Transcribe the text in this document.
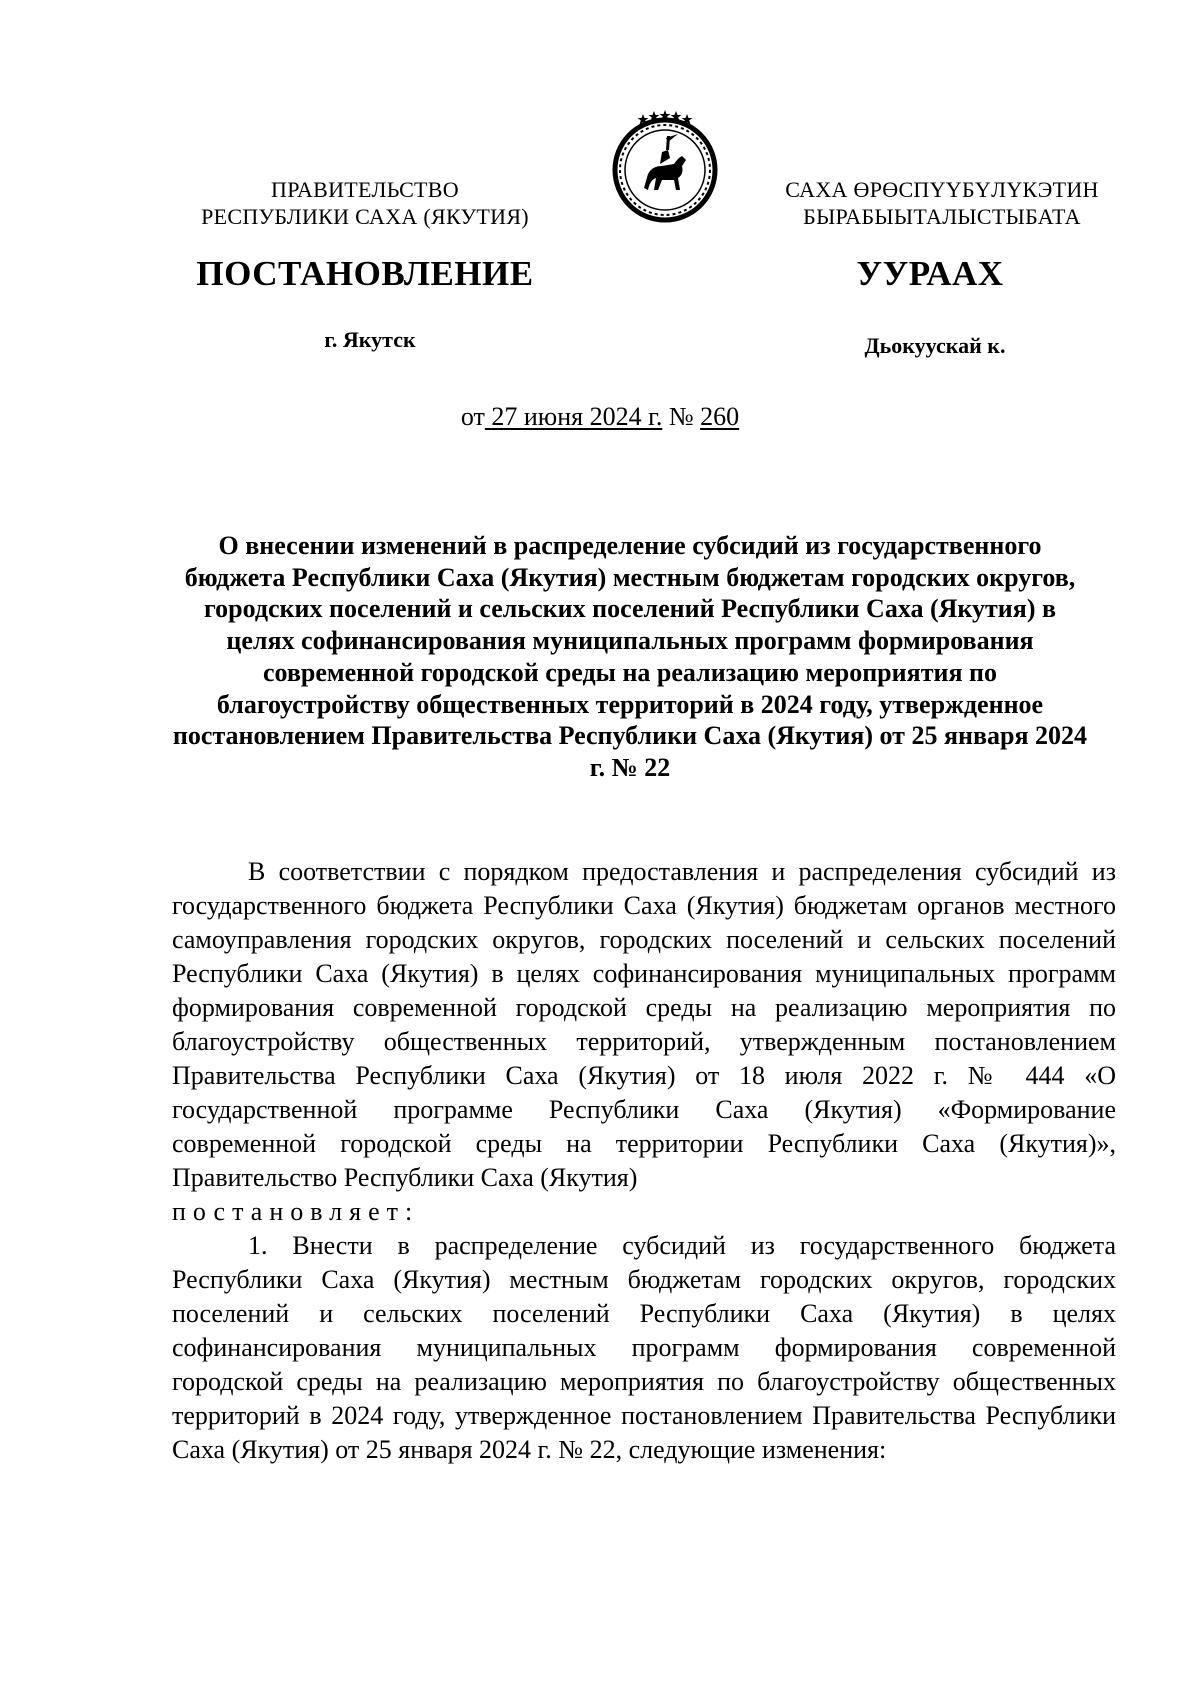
ПРАВИТЕЛЬСТВО
РЕСПУБЛИКИ САХА (ЯКУТИЯ)
САХА ӨРӨСПҮҮБҮЛҮКЭТИН
БЫРАБЫЫТАЛЫСТЫБАТА
ПОСТАНОВЛЕНИЕ	УУРААХ
г. Якутск	Дьокуускай к.
от 27 июня 2024 г. № 260
О внесении изменений в распределение субсидий из государственного бюджета Республики Саха (Якутия) местным бюджетам городских округов, городских поселений и сельских поселений Республики Саха (Якутия) в целях софинансирования муниципальных программ формирования современной городской среды на реализацию мероприятия по благоустройству общественных территорий в 2024 году, утвержденное постановлением Правительства Республики Саха (Якутия) от 25 января 2024 г. № 22

В соответствии с порядком предоставления и распределения субсидий из государственного бюджета Республики Саха (Якутия) бюджетам органов местного самоуправления городских округов, городских поселений и сельских поселений Республики Саха (Якутия) в целях софинансирования муниципальных программ формирования современной городской среды на реализацию мероприятия по благоустройству общественных территорий, утвержденным постановлением Правительства Республики Саха (Якутия) от 18 июля 2022 г. № 444 «О государственной программе Республики Саха (Якутия) «Формирование современной городской среды на территории Республики Саха (Якутия)», Правительство Республики Саха (Якутия)

постановляет:

1. Внести в распределение субсидий из государственного бюджета Республики Саха (Якутия) местным бюджетам городских округов, городских поселений и сельских поселений Республики Саха (Якутия) в целях софинансирования муниципальных программ формирования современной городской среды на реализацию мероприятия по благоустройству общественных территорий в 2024 году, утвержденное постановлением Правительства Республики Саха (Якутия) от 25 января 2024 г. № 22, следующие изменения:
